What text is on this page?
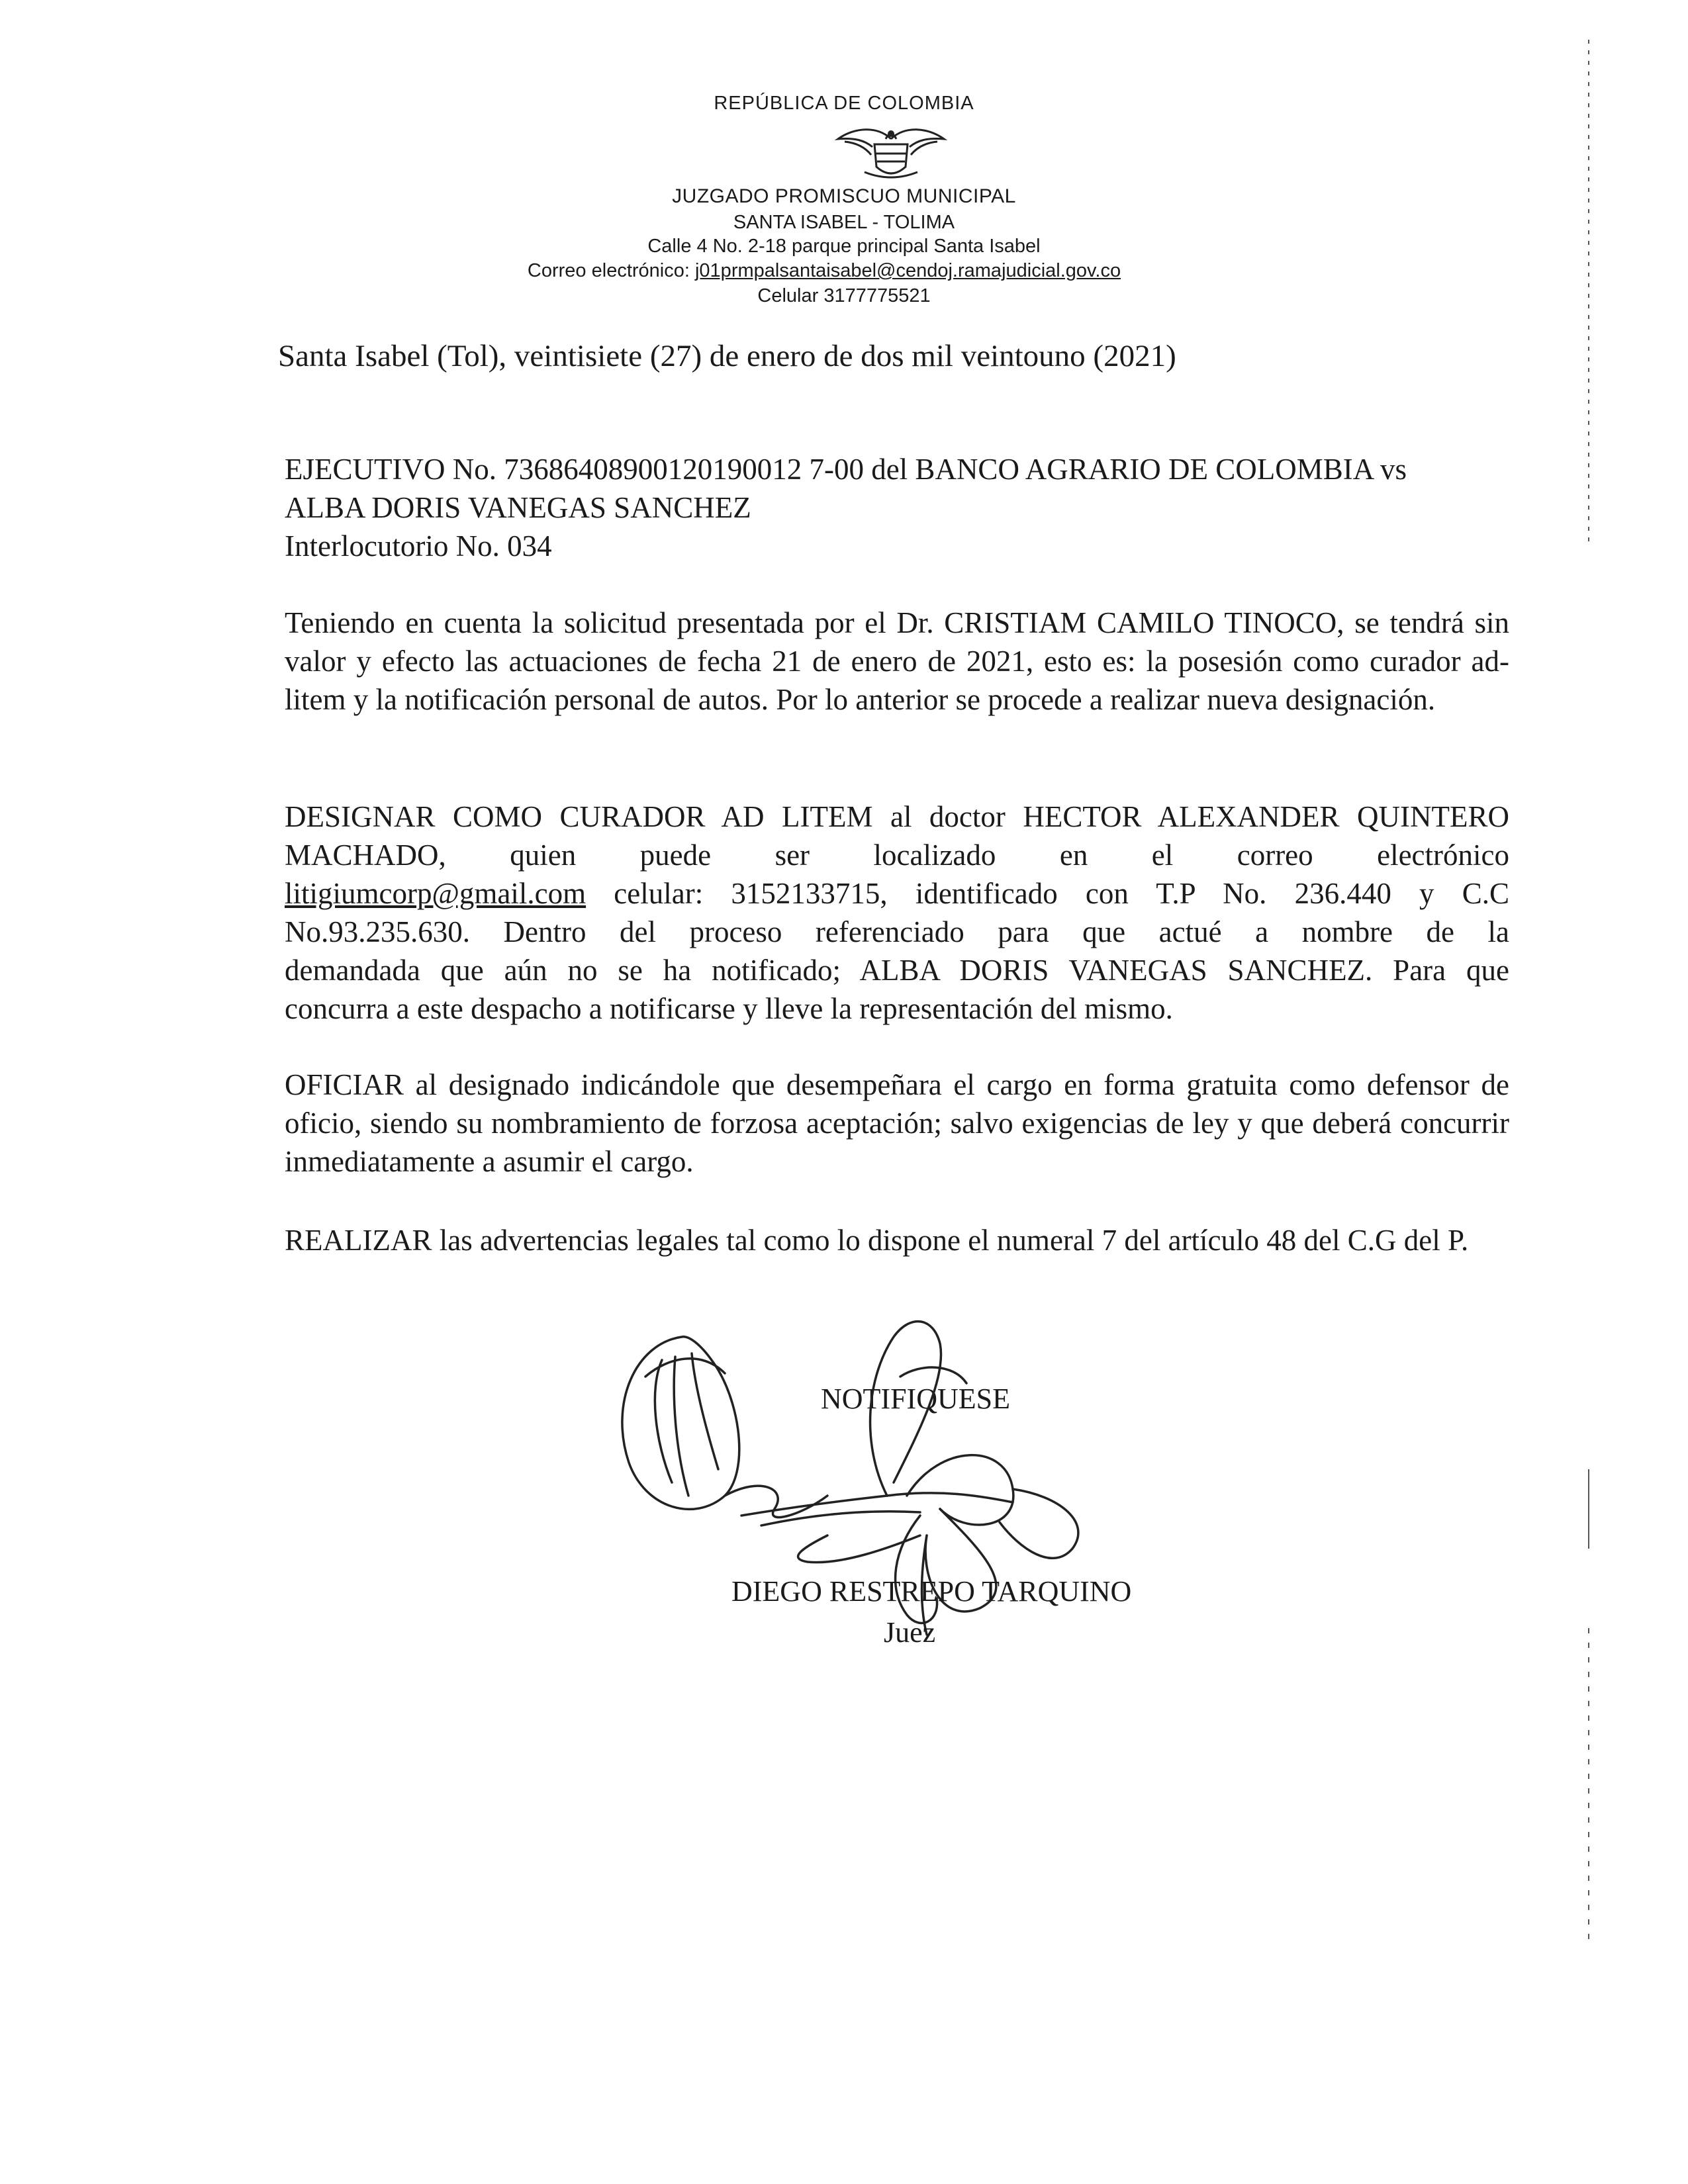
REPÚBLICA DE COLOMBIA
JUZGADO PROMISCUO MUNICIPAL
SANTA ISABEL - TOLIMA
Calle 4 No. 2-18 parque principal Santa Isabel
Correo electrónico: j01prmpalsantaisabel@cendoj.ramajudicial.gov.co
Celular 3177775521
Santa Isabel (Tol), veintisiete (27) de enero de dos mil veintouno (2021)
EJECUTIVO No. 73686408900120190012 7-00 del BANCO AGRARIO DE COLOMBIA vs
ALBA DORIS VANEGAS SANCHEZ
Interlocutorio No. 034
Teniendo en cuenta la solicitud presentada por el Dr. CRISTIAM CAMILO TINOCO, se tendrá sin valor y efecto las actuaciones de fecha 21 de enero de 2021, esto es: la posesión como curador ad-litem y la notificación personal de autos. Por lo anterior se procede a realizar nueva designación.
DESIGNAR COMO CURADOR AD LITEM al doctor HECTOR ALEXANDER QUINTERO
MACHADO, quien puede ser localizado en el correo electrónico
litigiumcorp@gmail.com celular: 3152133715, identificado con T.P No. 236.440 y C.C
No.93.235.630. Dentro del proceso referenciado para que actué a nombre de la
demandada que aún no se ha notificado; ALBA DORIS VANEGAS SANCHEZ. Para que
concurra a este despacho a notificarse y lleve la representación del mismo.
OFICIAR al designado indicándole que desempeñara el cargo en forma gratuita como defensor de oficio, siendo su nombramiento de forzosa aceptación; salvo exigencias de ley y que deberá concurrir inmediatamente a asumir el cargo.
REALIZAR las advertencias legales tal como lo dispone el numeral 7 del artículo 48 del C.G del P.
NOTIFIQUESE
DIEGO RESTREPO TARQUINO
Juez
